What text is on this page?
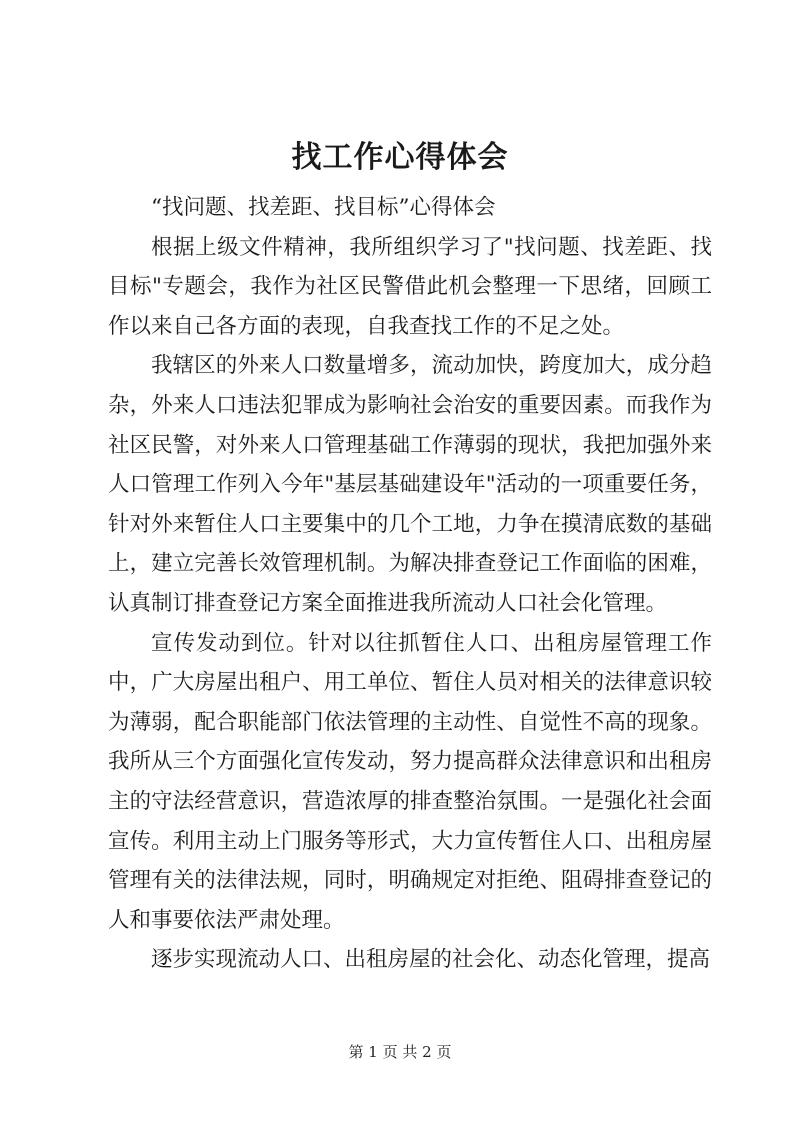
找工作心得体会

“找问题、找差距、找目标”心得体会

根据上级文件精神，我所组织学习了"找问题、找差距、找目标"专题会，我作为社区民警借此机会整理一下思绪，回顾工作以来自己各方面的表现，自我查找工作的不足之处。

我辖区的外来人口数量增多，流动加快，跨度加大，成分趋杂，外来人口违法犯罪成为影响社会治安的重要因素。而我作为社区民警，对外来人口管理基础工作薄弱的现状，我把加强外来人口管理工作列入今年"基层基础建设年"活动的一项重要任务，针对外来暂住人口主要集中的几个工地，力争在摸清底数的基础上，建立完善长效管理机制。为解决排查登记工作面临的困难，认真制订排查登记方案全面推进我所流动人口社会化管理。

宣传发动到位。针对以往抓暂住人口、出租房屋管理工作中，广大房屋出租户、用工单位、暂住人员对相关的法律意识较为薄弱，配合职能部门依法管理的主动性、自觉性不高的现象。我所从三个方面强化宣传发动，努力提高群众法律意识和出租房主的守法经营意识，营造浓厚的排查整治氛围。一是强化社会面宣传。利用主动上门服务等形式，大力宣传暂住人口、出租房屋管理有关的法律法规，同时，明确规定对拒绝、阻碍排查登记的人和事要依法严肃处理。

逐步实现流动人口、出租房屋的社会化、动态化管理，提高

第 1 页 共 2 页
